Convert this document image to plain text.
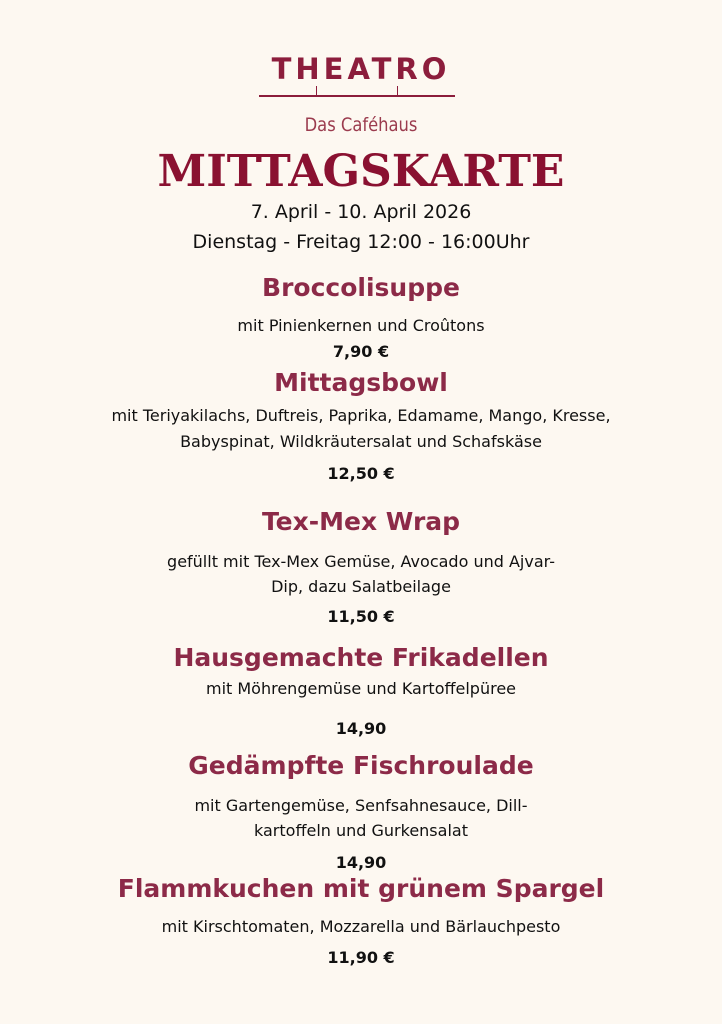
THEATRO
Das Caféhaus
MITTAGSKARTE
7. April - 10. April 2026
Dienstag - Freitag 12:00 - 16:00Uhr
Broccolisuppe
mit Pinienkernen und Croûtons
7,90 €
Mittagsbowl
mit Teriyakilachs, Duftreis, Paprika, Edamame, Mango, Kresse,
Babyspinat, Wildkräutersalat und Schafskäse
12,50 €
Tex-Mex Wrap
gefüllt mit Tex-Mex Gemüse, Avocado und Ajvar-
Dip, dazu Salatbeilage
11,50 €
Hausgemachte Frikadellen
mit Möhrengemüse und Kartoffelpüree
14,90
Gedämpfte Fischroulade
mit Gartengemüse, Senfsahnesauce, Dill-
kartoffeln und Gurkensalat
14,90
Flammkuchen mit grünem Spargel
mit Kirschtomaten, Mozzarella und Bärlauchpesto
11,90 €
